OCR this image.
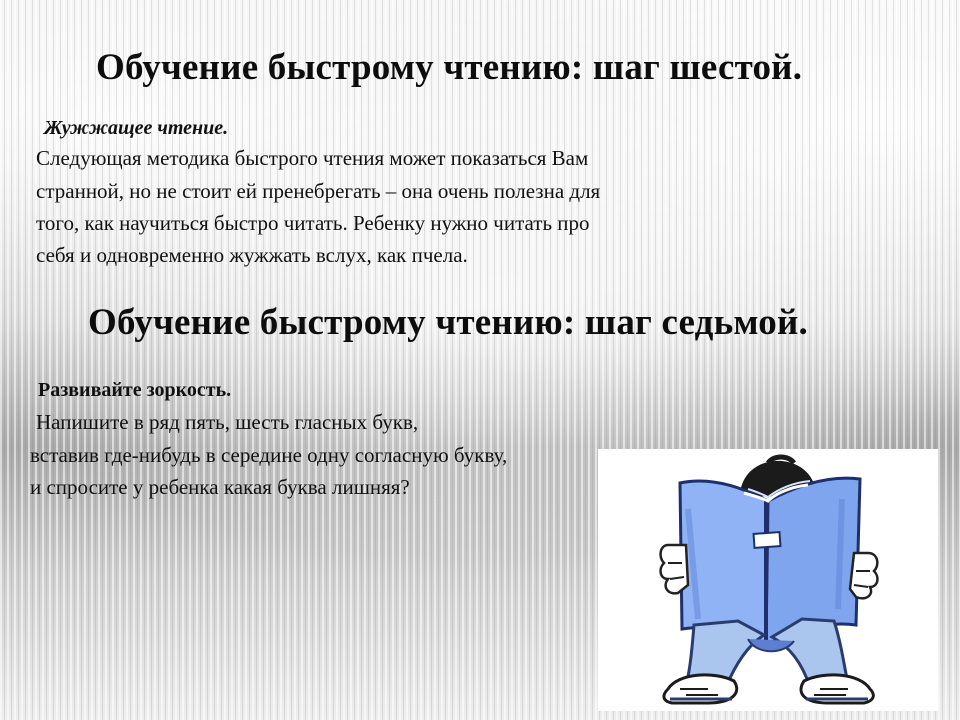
Обучение быстрому чтению: шаг шестой.
Жужжащее чтение.
Следующая методика быстрого чтения может показаться Вам
странной, но не стоит ей пренебрегать – она очень полезна для
того, как научиться быстро читать. Ребенку нужно читать про
себя и одновременно жужжать вслух, как пчела.
Обучение быстрому чтению: шаг седьмой.
Развивайте зоркость.
Напишите в ряд пять, шесть гласных букв,
вставив где-нибудь в середине одну согласную букву,
и спросите у ребенка какая буква лишняя?
